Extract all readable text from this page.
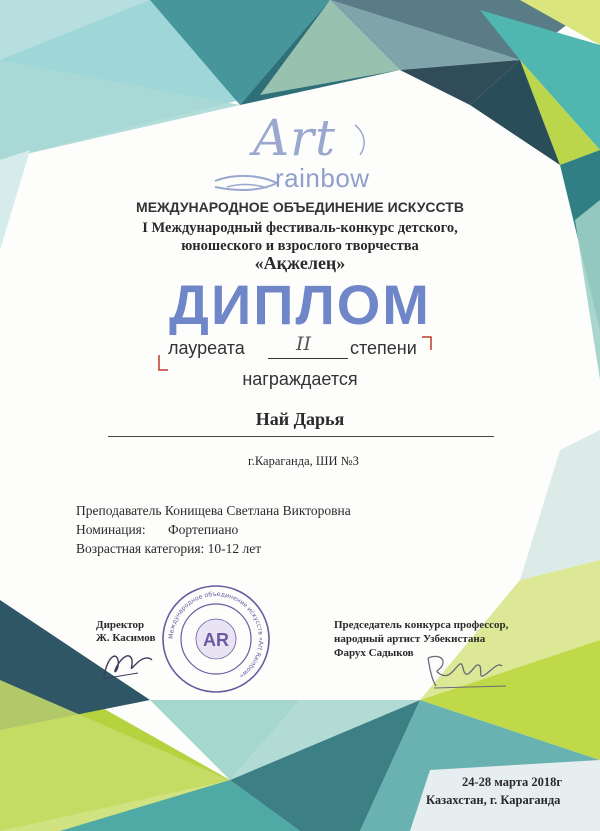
Art
rainbow

МЕЖДУНАРОДНОЕ ОБЪЕДИНЕНИЕ ИСКУССТВ

I Международный фестиваль-конкурс детского,

юношеского и взрослого творчества

«Ақжелең»

ДИПЛОМ

лауреата	II степени

награждается

Най Дарья

г.Караганда, ШИ №3

Преподаватель Конищева Светлана Викторовна

Номинация: Фортепиано

Возрастная категория: 10-12 лет

Директор

Ж. Касимов Международное объединение искусств «Art Rainbow»
AR

Председатель конкурса профессор,

народный артист Узбекистана

Фарух Садыков

24-28 марта 2018г

Казахстан, г. Караганда
